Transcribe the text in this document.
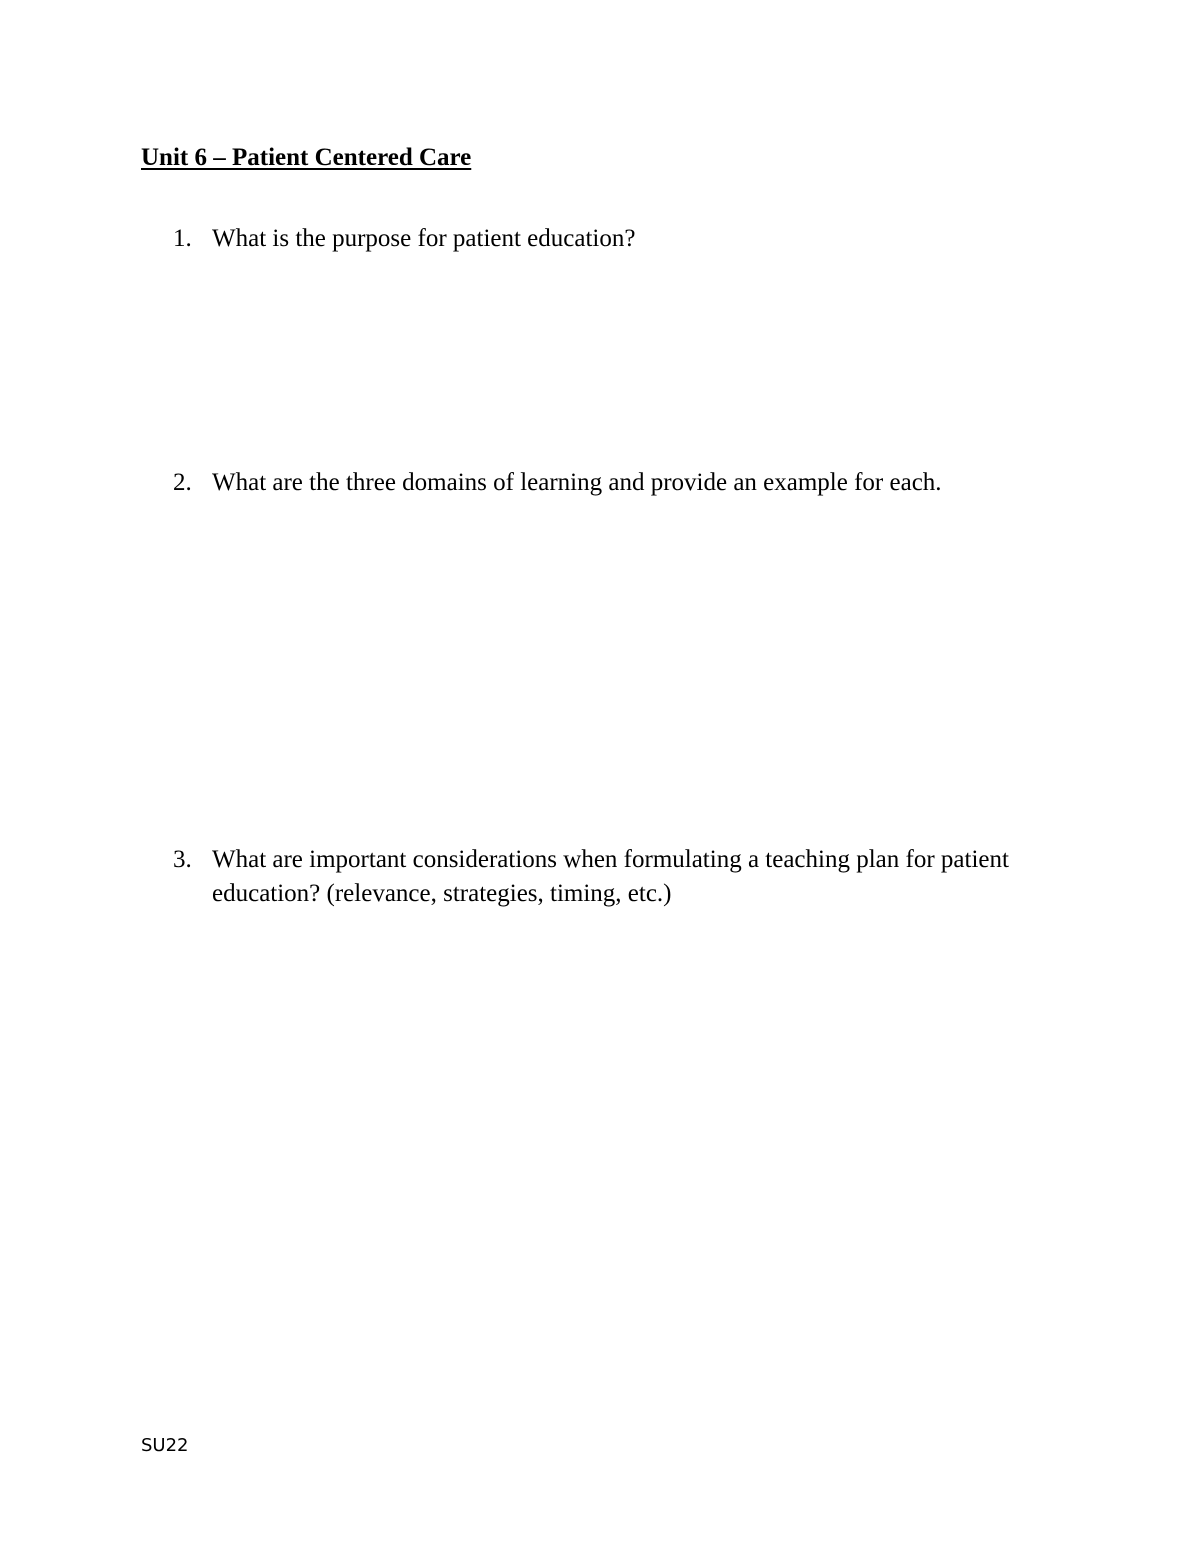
Unit 6 – Patient Centered Care
1. What is the purpose for patient education?
2. What are the three domains of learning and provide an example for each.
3. What are important considerations when formulating a teaching plan for patient education? (relevance, strategies, timing, etc.)
SU22
